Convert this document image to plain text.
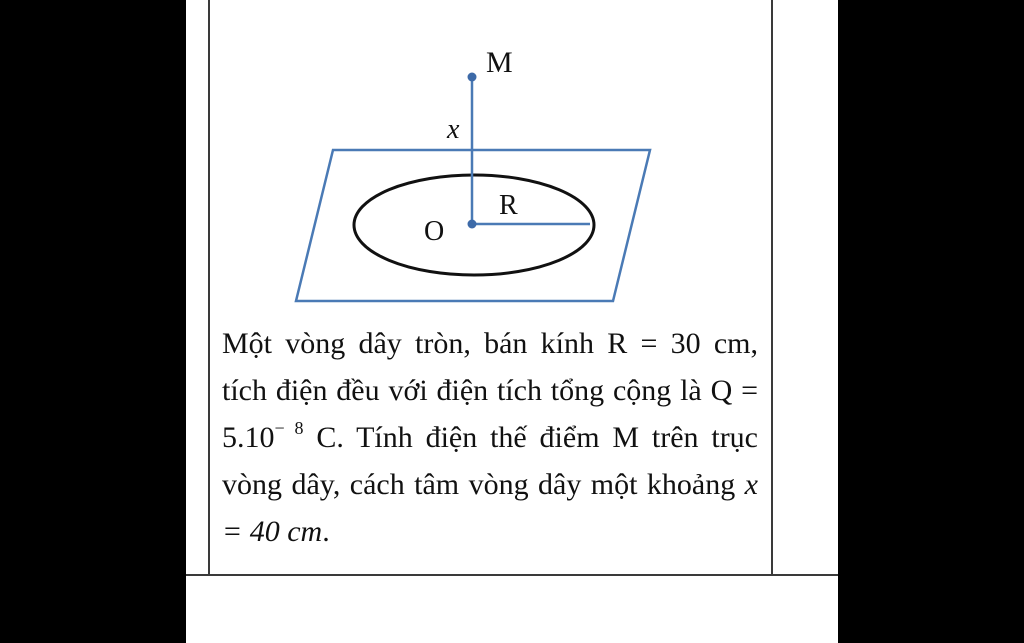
M
x
R
O

Một vòng dây tròn, bán kính R = 30 cm, tích điện đều với điện tích tổng cộng là $Q = 5.10^{- 8}$ C. Tính điện thế điểm M trên trục vòng dây, cách tâm vòng dây một khoảng x = 40 cm.
